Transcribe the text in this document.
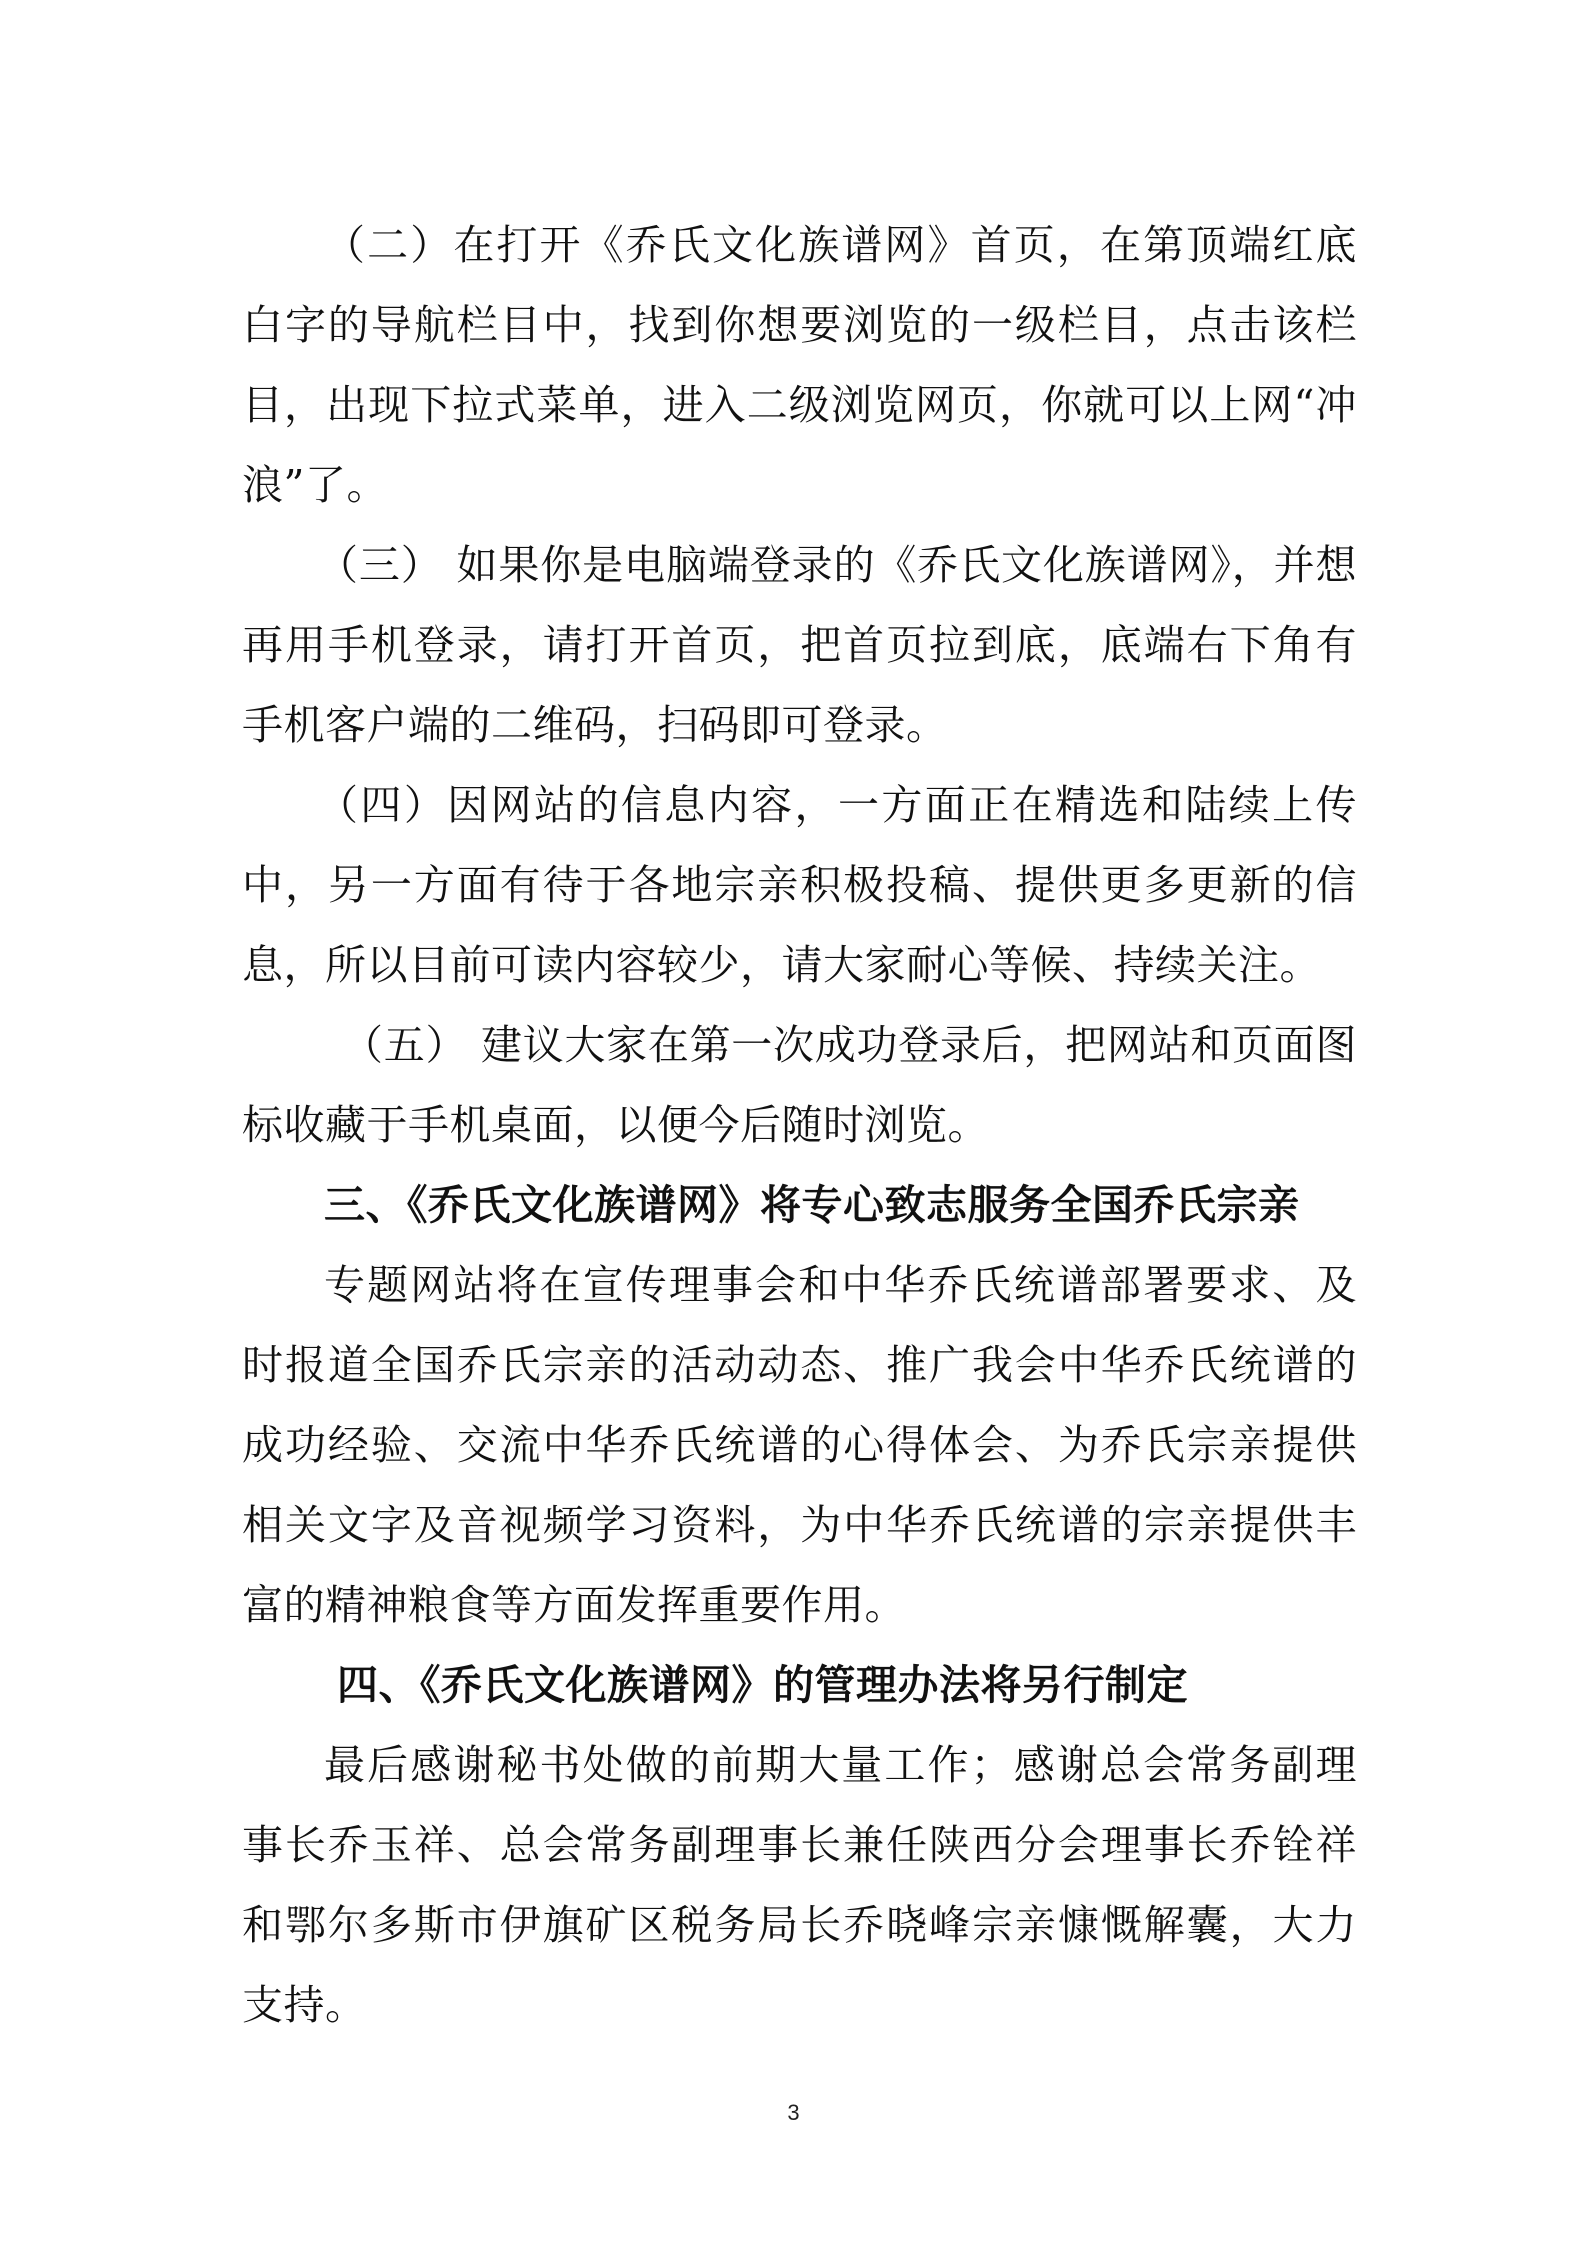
（二）在打开《乔氏文化族谱网》首页，在第顶端红底白字的导航栏目中，找到你想要浏览的一级栏目，点击该栏目，出现下拉式菜单，进入二级浏览网页，你就可以上网“冲浪”了。

（三） 如果你是电脑端登录的《乔氏文化族谱网》，并想再用手机登录，请打开首页，把首页拉到底，底端右下角有手机客户端的二维码，扫码即可登录。

（四）因网站的信息内容，一方面正在精选和陆续上传中，另一方面有待于各地宗亲积极投稿、提供更多更新的信息，所以目前可读内容较少，请大家耐心等候、持续关注。

（五） 建议大家在第一次成功登录后，把网站和页面图标收藏于手机桌面，以便今后随时浏览。

三、《乔氏文化族谱网》将专心致志服务全国乔氏宗亲

专题网站将在宣传理事会和中华乔氏统谱部署要求、及时报道全国乔氏宗亲的活动动态、推广我会中华乔氏统谱的成功经验、交流中华乔氏统谱的心得体会、为乔氏宗亲提供相关文字及音视频学习资料，为中华乔氏统谱的宗亲提供丰富的精神粮食等方面发挥重要作用。

四、《乔氏文化族谱网》的管理办法将另行制定

最后感谢秘书处做的前期大量工作；感谢总会常务副理事长乔玉祥、总会常务副理事长兼任陕西分会理事长乔铨祥和鄂尔多斯市伊旗矿区税务局长乔晓峰宗亲慷慨解囊，大力支持。

3
